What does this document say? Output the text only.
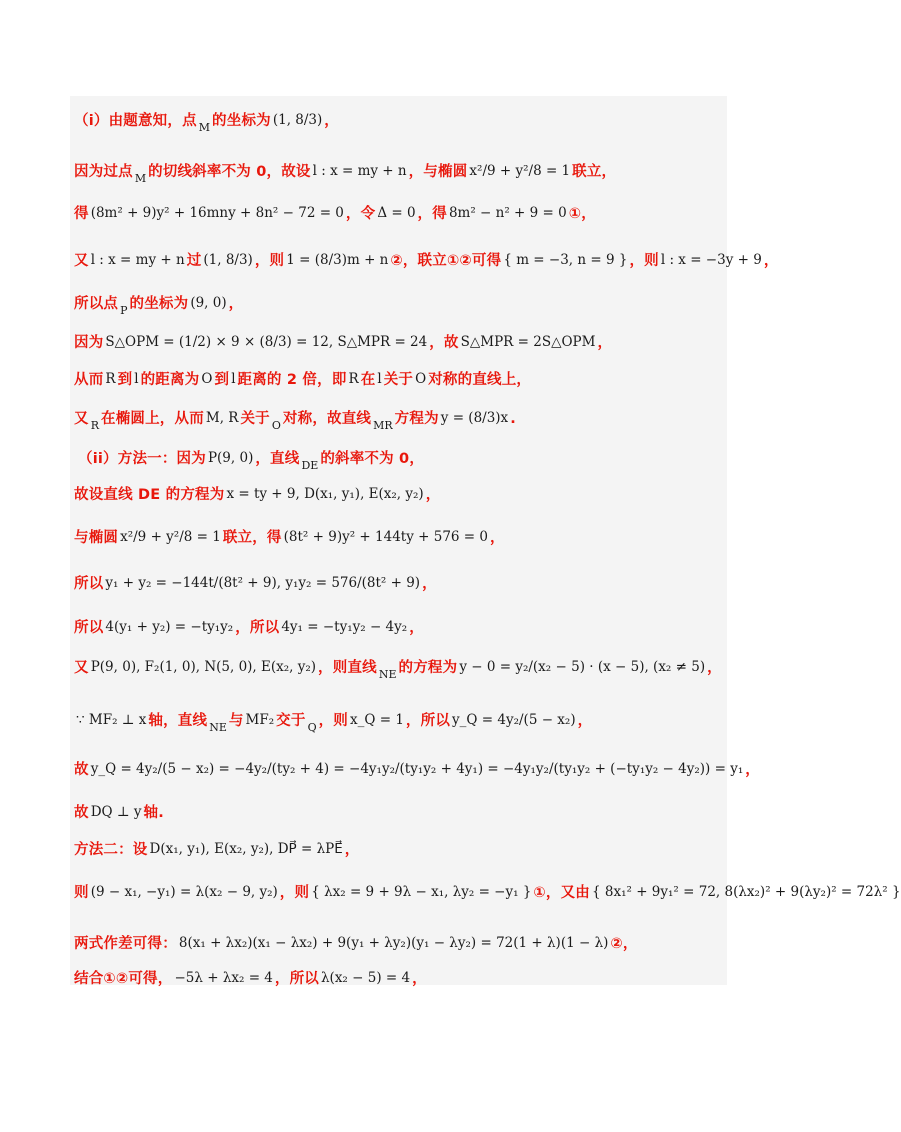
（i）由题意知，点 M 的坐标为 (1, 8/3) ，
因为过点 M 的切线斜率不为 0，故设 l : x = my + n ，与椭圆 x²/9 + y²/8 = 1 联立，
得 (8m² + 9)y² + 16mny + 8n² − 72 = 0 ，令 Δ = 0 ，得 8m² − n² + 9 = 0 ①，
又 l : x = my + n 过 (1, 8/3) ，则 1 = (8/3)m + n ②，联立①②可得 { m = −3, n = 9 } ，则 l : x = −3y + 9 ，
所以点 P 的坐标为 (9, 0) ，
因为 S△OPM = (1/2) × 9 × (8/3) = 12, S△MPR = 24 ，故 S△MPR = 2S△OPM ，
从而 R 到 l 的距离为 O 到 l 距离的 2 倍，即 R 在 l 关于 O 对称的直线上，
又 R 在椭圆上，从而 M, R 关于 O 对称，故直线 MR 方程为 y = (8/3)x .
（ii）方法一：因为 P(9, 0) ，直线 DE 的斜率不为 0，
故设直线 DE 的方程为 x = ty + 9, D(x₁, y₁), E(x₂, y₂) ，
与椭圆 x²/9 + y²/8 = 1 联立，得 (8t² + 9)y² + 144ty + 576 = 0 ，
所以 y₁ + y₂ = −144t/(8t² + 9), y₁y₂ = 576/(8t² + 9) ，
所以 4(y₁ + y₂) = −ty₁y₂ ，所以 4y₁ = −ty₁y₂ − 4y₂ ，
又 P(9, 0), F₂(1, 0), N(5, 0), E(x₂, y₂) ，则直线 NE 的方程为 y − 0 = y₂/(x₂ − 5) · (x − 5), (x₂ ≠ 5) ，
∵ MF₂ ⊥ x 轴，直线 NE 与 MF₂ 交于 Q ，则 x_Q = 1 ，所以 y_Q = 4y₂/(5 − x₂) ，
故 y_Q = 4y₂/(5 − x₂) = −4y₂/(ty₂ + 4) = −4y₁y₂/(ty₁y₂ + 4y₁) = −4y₁y₂/(ty₁y₂ + (−ty₁y₂ − 4y₂)) = y₁ ，
故 DQ ⊥ y 轴.
方法二：设 D(x₁, y₁), E(x₂, y₂), DP⃗ = λPE⃗ ，
则 (9 − x₁, −y₁) = λ(x₂ − 9, y₂) ，则 { λx₂ = 9 + 9λ − x₁, λy₂ = −y₁ } ①，又由 { 8x₁² + 9y₁² = 72, 8(λx₂)² + 9(λy₂)² = 72λ² }
两式作差可得： 8(x₁ + λx₂)(x₁ − λx₂) + 9(y₁ + λy₂)(y₁ − λy₂) = 72(1 + λ)(1 − λ) ②，
结合①②可得， −5λ + λx₂ = 4 ，所以 λ(x₂ − 5) = 4 ，
